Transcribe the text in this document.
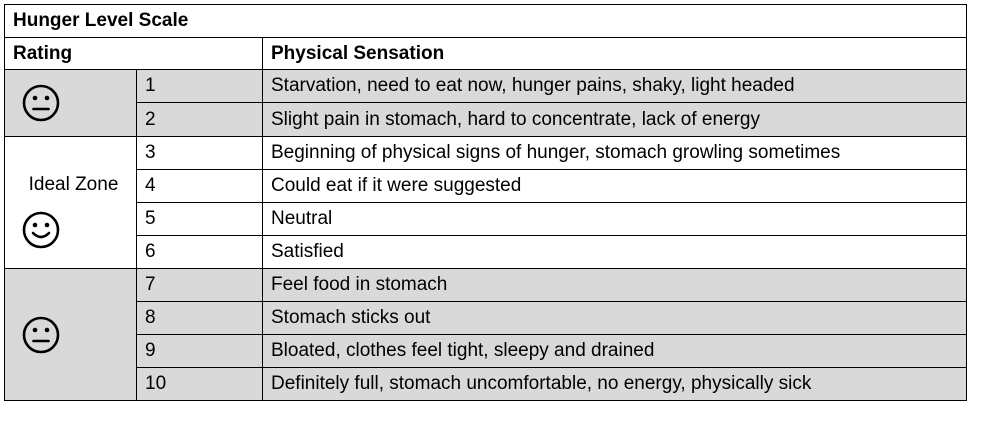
Hunger Level Scale		
Rating		Physical Sensation

	1	Starvation, need to eat now, hunger pains, shaky, light headed
	2	Slight pain in stomach, hard to concentrate, lack of energy

Ideal Zone	3	Beginning of physical signs of hunger, stomach growling sometimes
	4	Could eat if it were suggested
	5	Neutral
	6	Satisfied

	7	Feel food in stomach
	8	Stomach sticks out
	9	Bloated, clothes feel tight, sleepy and drained
	10	Definitely full, stomach uncomfortable, no energy, physically sick
